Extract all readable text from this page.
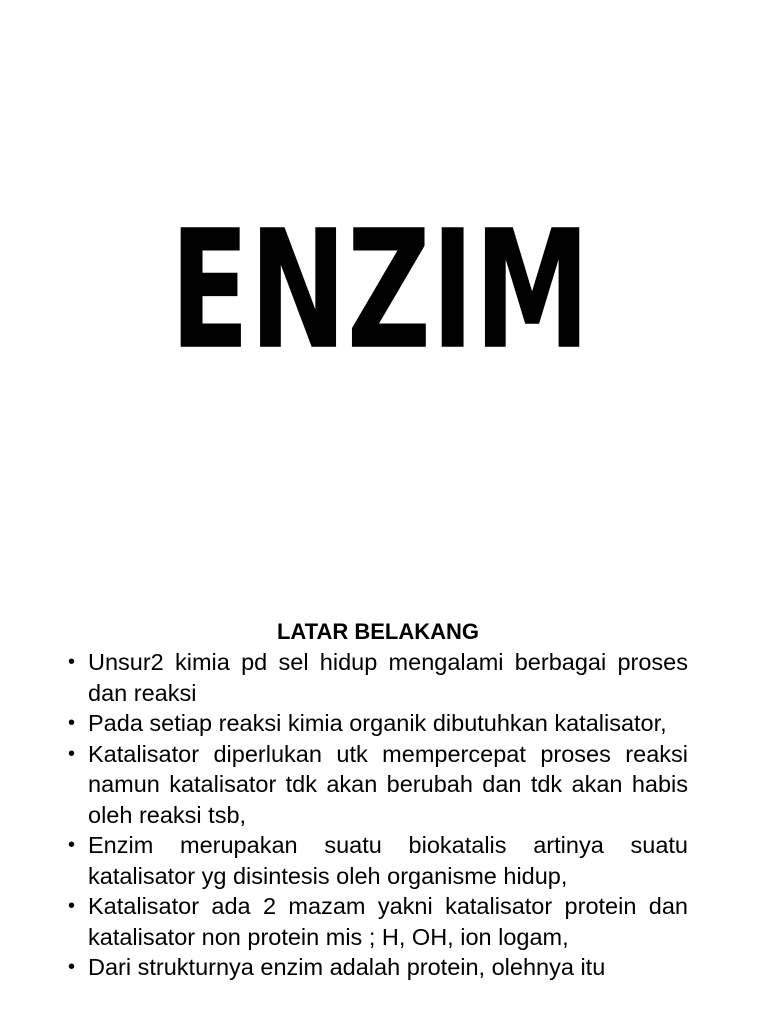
ENZIM
LATAR BELAKANG
• Unsur2 kimia pd sel hidup mengalami berbagai proses dan reaksi
• Pada setiap reaksi kimia organik dibutuhkan katalisator,
• Katalisator diperlukan utk mempercepat proses reaksi namun katalisator tdk akan berubah dan tdk akan habis oleh reaksi tsb,
• Enzim merupakan suatu biokatalis artinya suatu katalisator yg disintesis oleh organisme hidup,
• Katalisator ada 2 mazam yakni katalisator protein dan katalisator non protein mis ; H, OH, ion logam,
• Dari strukturnya enzim adalah protein, olehnya itu
